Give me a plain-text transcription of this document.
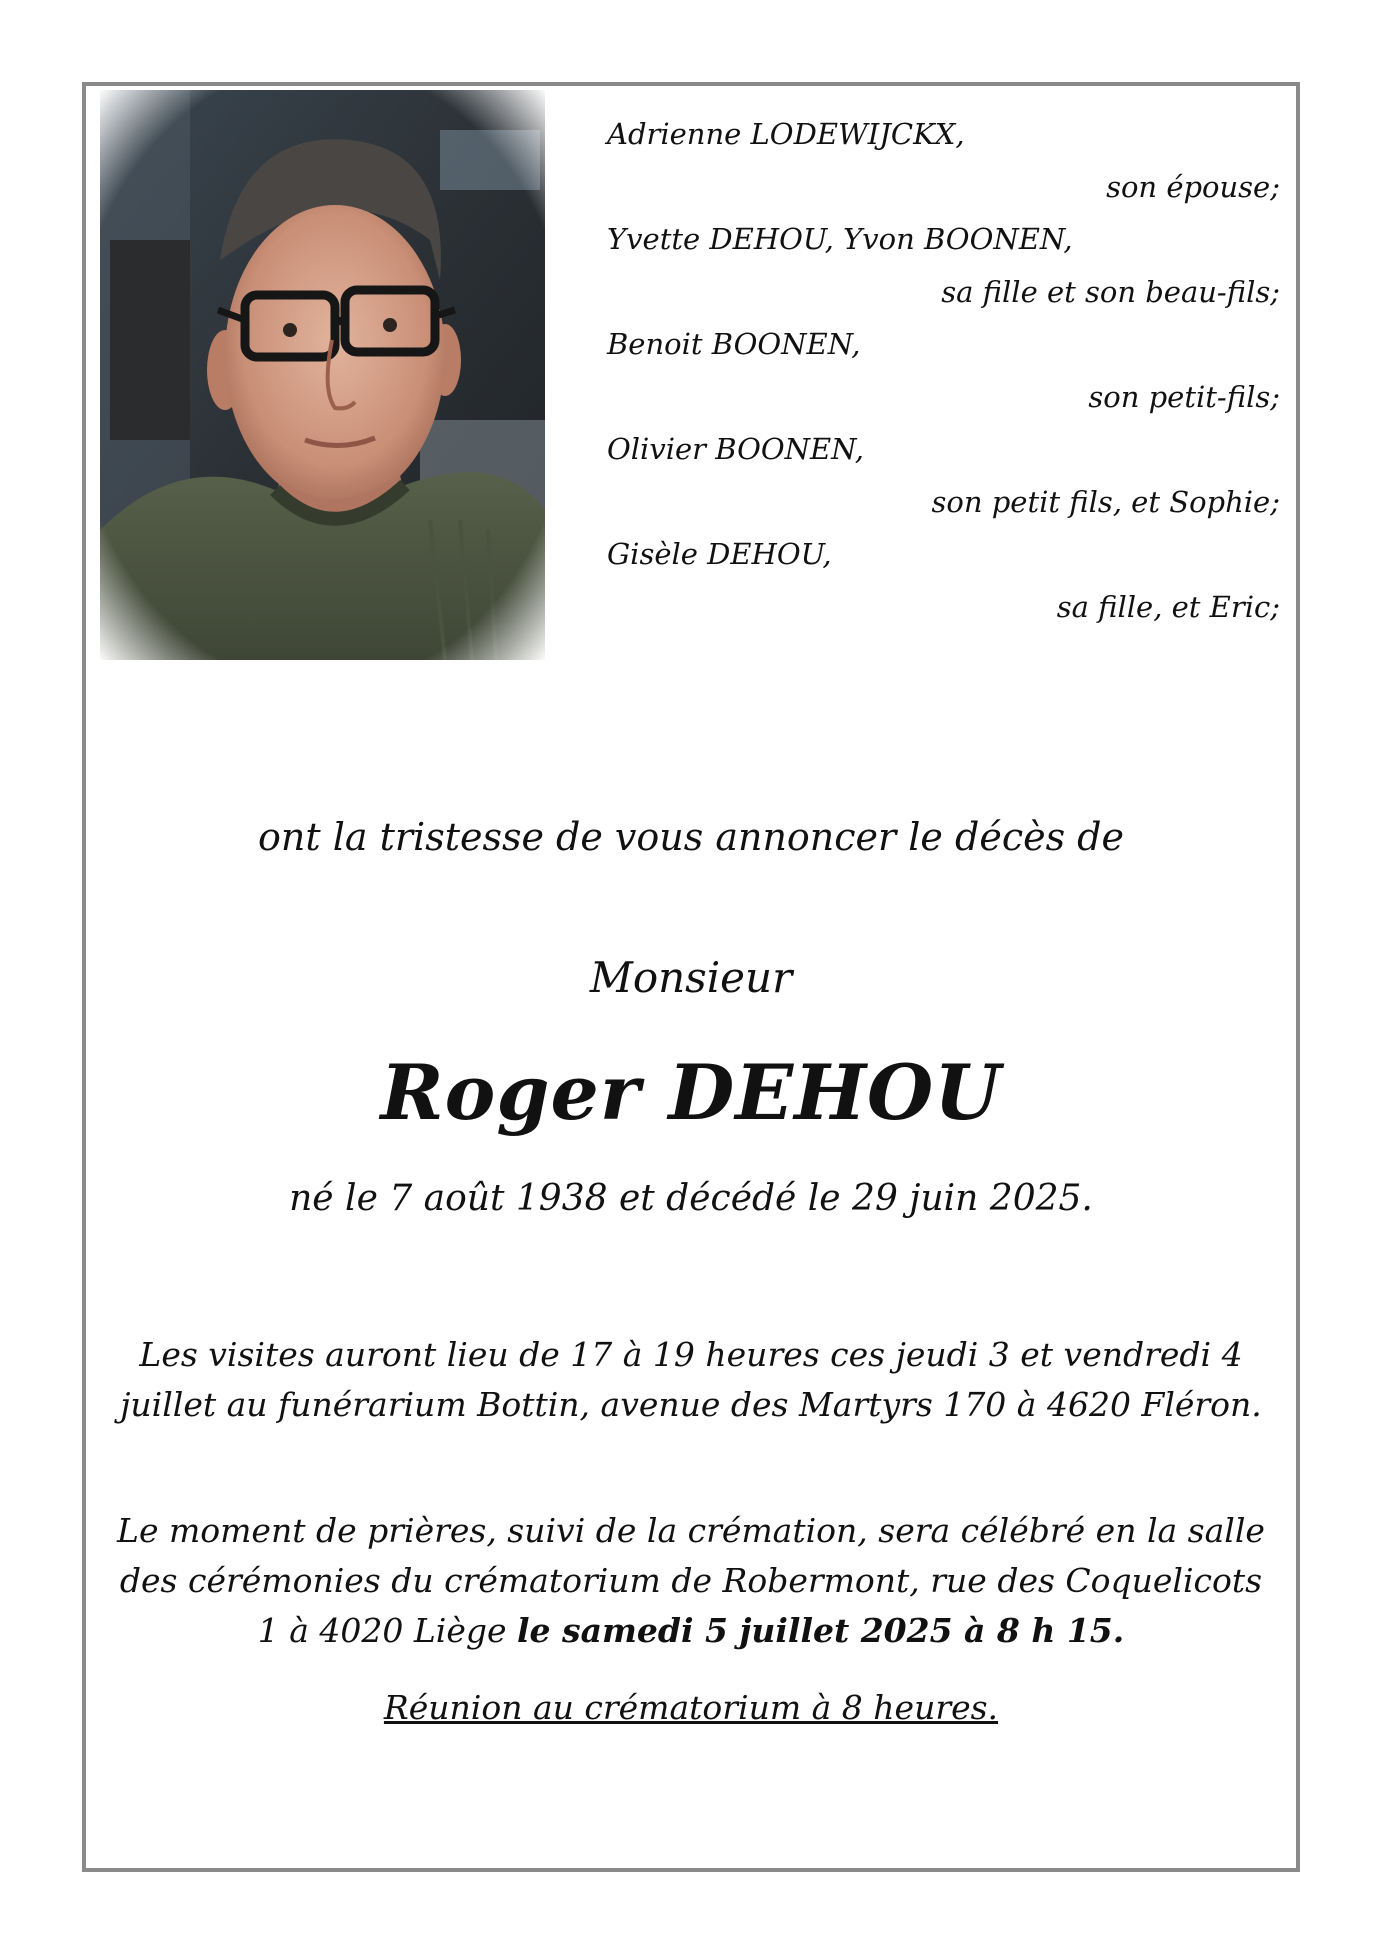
Adrienne LODEWIJCKX,
son épouse;
Yvette DEHOU, Yvon BOONEN,
sa fille et son beau-fils;
Benoit BOONEN,
son petit-fils;
Olivier BOONEN,
son petit fils, et Sophie;
Gisèle DEHOU,
sa fille, et Eric;
ont la tristesse de vous annoncer le décès de
Monsieur
Roger DEHOU
né le 7 août 1938 et décédé le 29 juin 2025.
Les visites auront lieu de 17 à 19 heures ces jeudi 3 et vendredi 4 juillet au funérarium Bottin, avenue des Martyrs 170 à 4620 Fléron.
Le moment de prières, suivi de la crémation, sera célébré en la salle des cérémonies du crématorium de Robermont, rue des Coquelicots 1 à 4020 Liège le samedi 5 juillet 2025 à 8 h 15.
Réunion au crématorium à 8 heures.
